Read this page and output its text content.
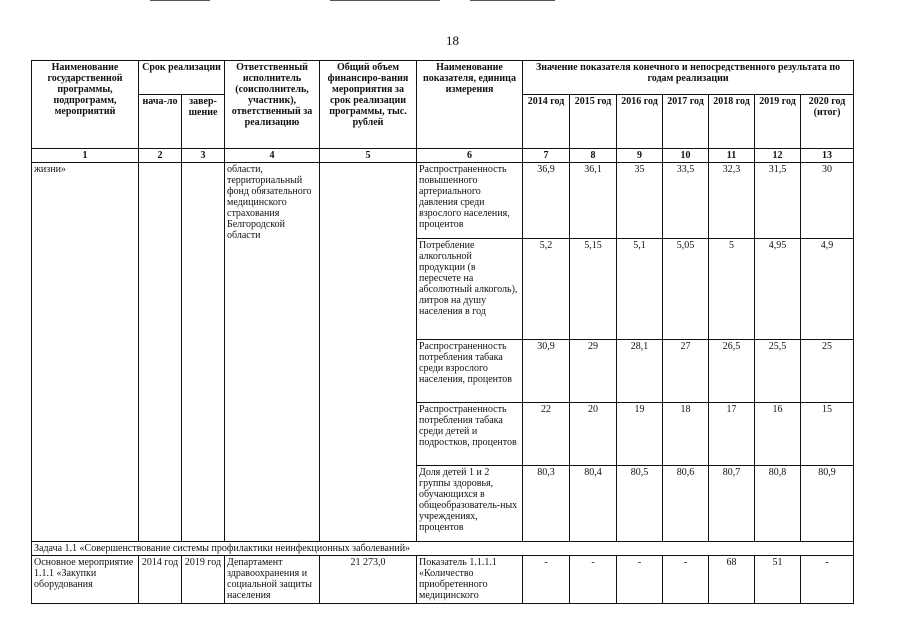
18
Наименование государственной программы, подпрограмм, мероприятий	Срок реализации		Ответственный исполнитель (соисполнитель, участник), ответственный за реализацию	Общий объем финансиро-вания мероприятия за срок реализации программы, тыс. рублей	Наименование показателя, единица измерения	Значение показателя конечного и непосредственного результата по годам реализации						
	нача-ло	завер-шение				2014 год	2015 год	2016 год	2017 год	2018 год	2019 год	2020 год (итог)
1	2	3	4	5	6	7	8	9	10	11	12	13
жизни»			области, территориальный фонд обязательного медицинского страхования Белгородской области		Распространенность повышенного артериального давления среди взрослого населения, процентов	36,9	36,1	35	33,5	32,3	31,5	30
					Потребление алкогольной продукции (в пересчете на абсолютный алкоголь), литров на душу населения в год	5,2	5,15	5,1	5,05	5	4,95	4,9
					Распространенность потребления табака среди взрослого населения, процентов	30,9	29	28,1	27	26,5	25,5	25
					Распространенность потребления табака среди детей и подростков, процентов	22	20	19	18	17	16	15
					Доля детей 1 и 2 группы здоровья, обучающихся в общеобразователь-ных учреждениях, процентов	80,3	80,4	80,5	80,6	80,7	80,8	80,9
Задача 1.1 «Совершенствование системы профилактики неинфекционных заболеваний»												
Основное мероприятие 1.1.1 «Закупки оборудования	2014 год	2019 год	Департамент здравоохранения и социальной защиты населения	21 273,0	Показатель 1.1.1.1 «Количество приобретенного медицинского	-	-	-	-	68	51	-
